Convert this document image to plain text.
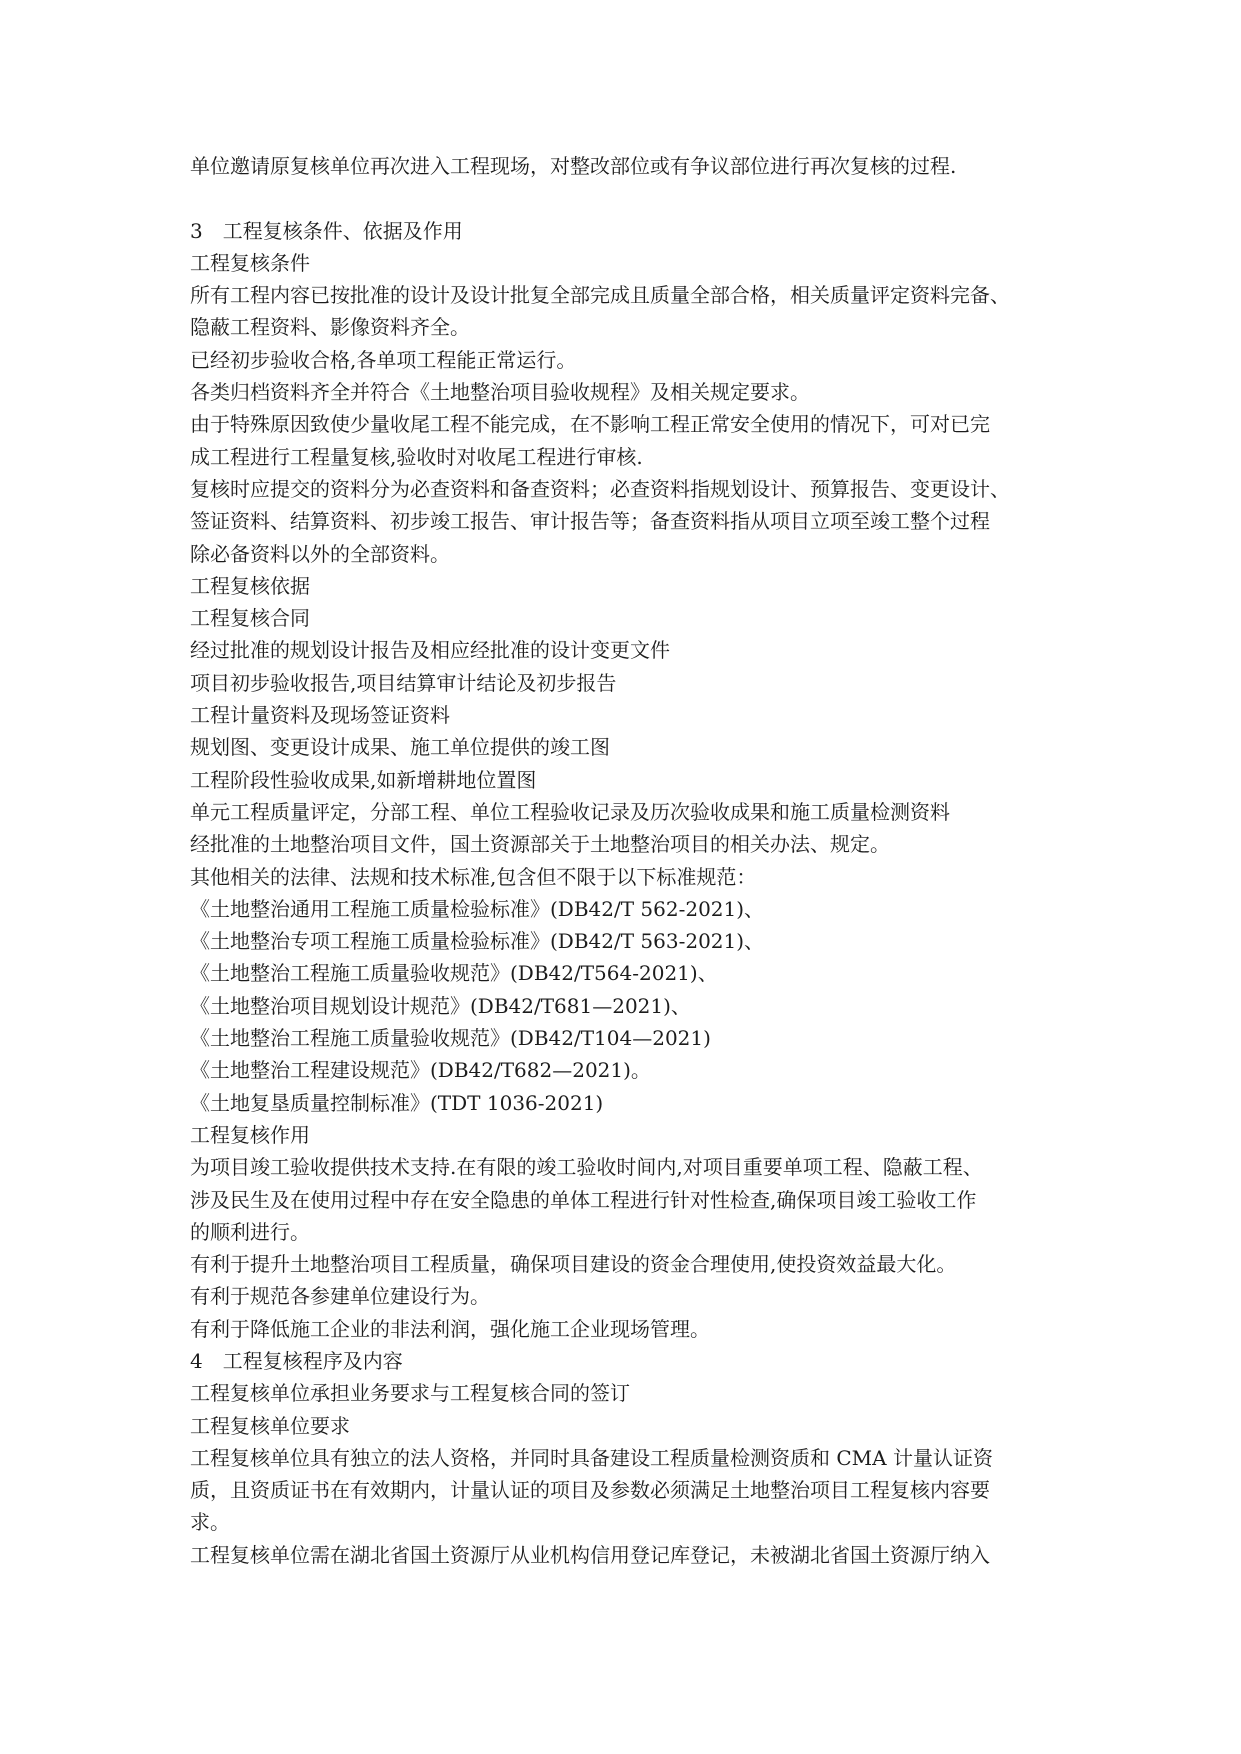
单位邀请原复核单位再次进入工程现场，对整改部位或有争议部位进行再次复核的过程.
3　工程复核条件、依据及作用
工程复核条件
所有工程内容已按批准的设计及设计批复全部完成且质量全部合格，相关质量评定资料完备、
隐蔽工程资料、影像资料齐全。
已经初步验收合格,各单项工程能正常运行。
各类归档资料齐全并符合《土地整治项目验收规程》及相关规定要求。
由于特殊原因致使少量收尾工程不能完成，在不影响工程正常安全使用的情况下，可对已完
成工程进行工程量复核,验收时对收尾工程进行审核.
复核时应提交的资料分为必查资料和备查资料；必查资料指规划设计、预算报告、变更设计、
签证资料、结算资料、初步竣工报告、审计报告等；备查资料指从项目立项至竣工整个过程
除必备资料以外的全部资料。
工程复核依据
工程复核合同
经过批准的规划设计报告及相应经批准的设计变更文件
项目初步验收报告,项目结算审计结论及初步报告
工程计量资料及现场签证资料
规划图、变更设计成果、施工单位提供的竣工图
工程阶段性验收成果,如新增耕地位置图
单元工程质量评定，分部工程、单位工程验收记录及历次验收成果和施工质量检测资料
经批准的土地整治项目文件，国土资源部关于土地整治项目的相关办法、规定。
其他相关的法律、法规和技术标准,包含但不限于以下标准规范：
《土地整治通用工程施工质量检验标准》(DB42/T 562-2021)、
《土地整治专项工程施工质量检验标准》(DB42/T 563-2021)、
《土地整治工程施工质量验收规范》(DB42/T564-2021)、
《土地整治项目规划设计规范》(DB42/T681—2021)、
《土地整治工程施工质量验收规范》(DB42/T104—2021)
《土地整治工程建设规范》(DB42/T682—2021)。
《土地复垦质量控制标准》(TDT 1036-2021)
工程复核作用
为项目竣工验收提供技术支持.在有限的竣工验收时间内,对项目重要单项工程、隐蔽工程、
涉及民生及在使用过程中存在安全隐患的单体工程进行针对性检查,确保项目竣工验收工作
的顺利进行。
有利于提升土地整治项目工程质量，确保项目建设的资金合理使用,使投资效益最大化。
有利于规范各参建单位建设行为。
有利于降低施工企业的非法利润，强化施工企业现场管理。
4　工程复核程序及内容
工程复核单位承担业务要求与工程复核合同的签订
工程复核单位要求
工程复核单位具有独立的法人资格，并同时具备建设工程质量检测资质和 CMA 计量认证资
质，且资质证书在有效期内，计量认证的项目及参数必须满足土地整治项目工程复核内容要
求。
工程复核单位需在湖北省国土资源厅从业机构信用登记库登记，未被湖北省国土资源厅纳入
